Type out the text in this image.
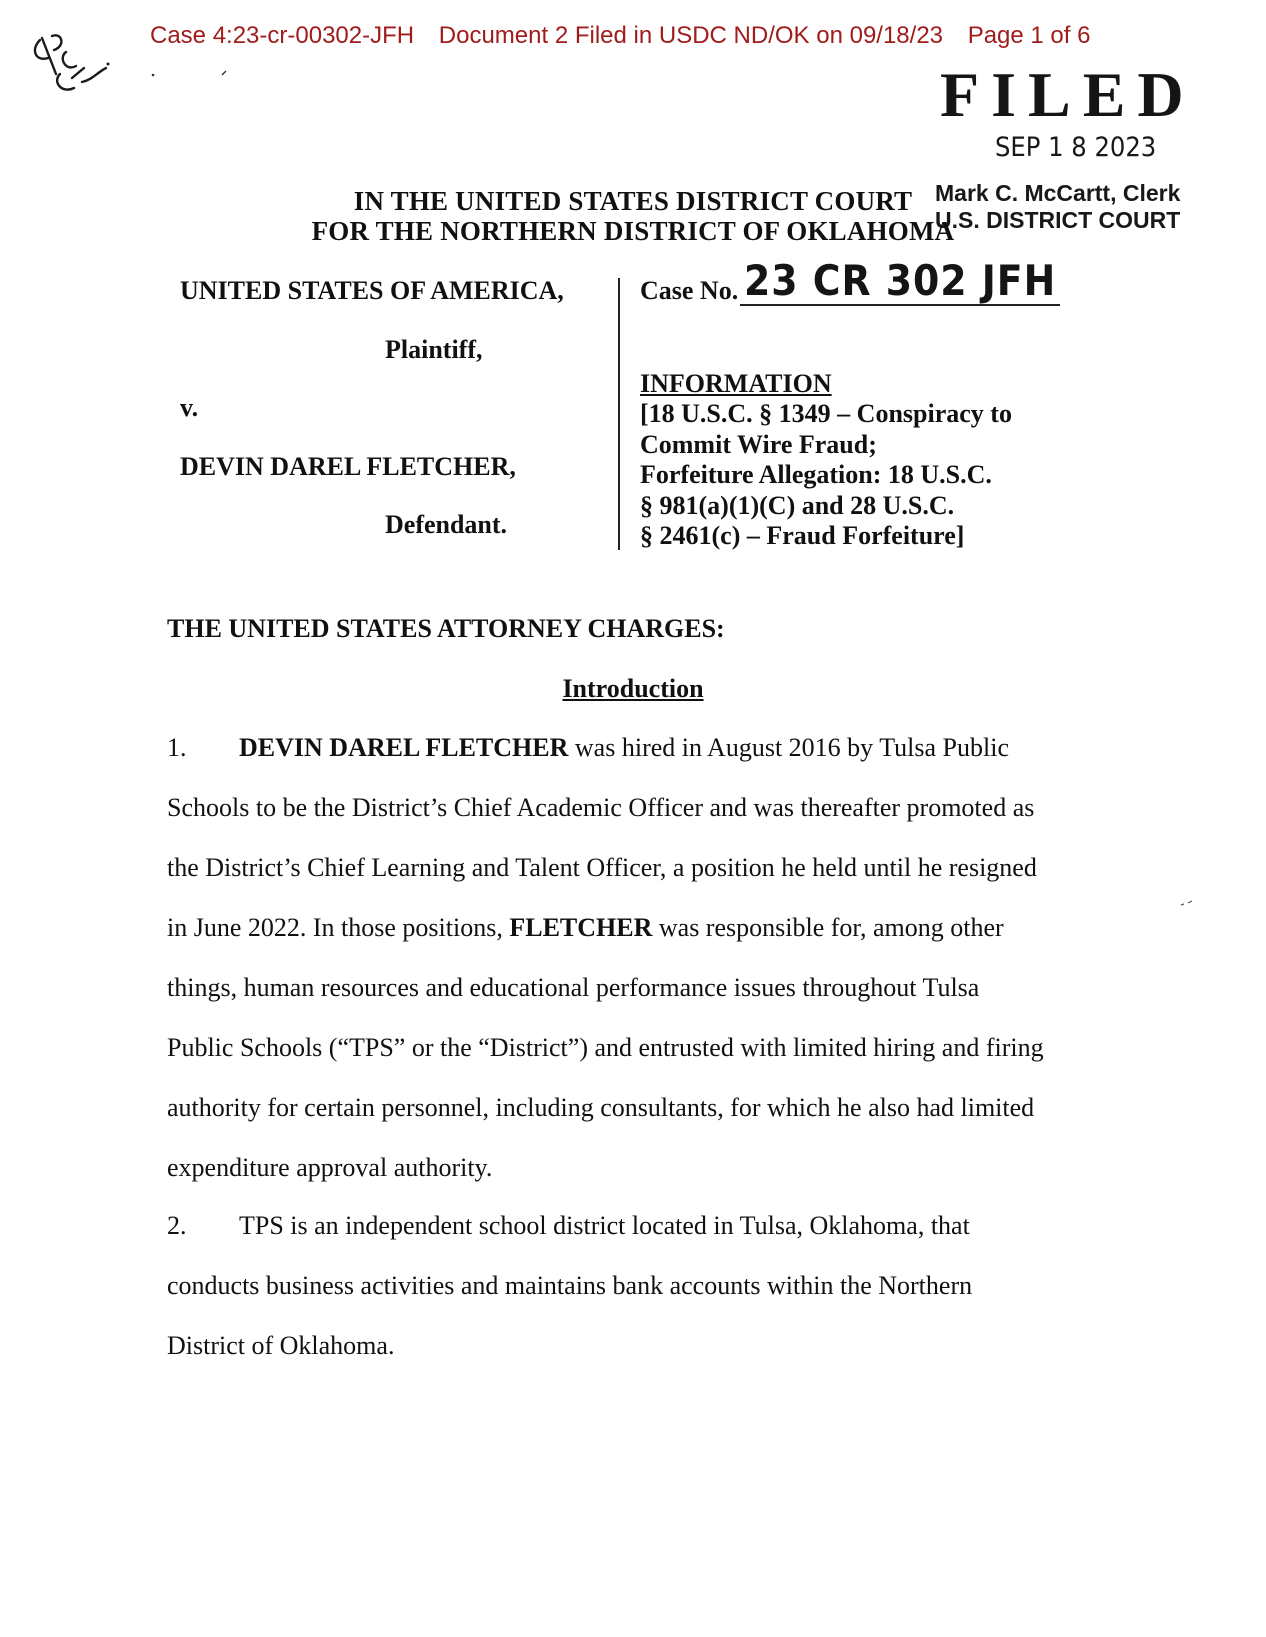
Case 4:23-cr-00302-JFH Document 2 Filed in USDC ND/OK on 09/18/23 Page 1 of 6
FILED
SEP 1 8 2023
Mark C. McCartt, Clerk
U.S. DISTRICT COURT
IN THE UNITED STATES DISTRICT COURT
FOR THE NORTHERN DISTRICT OF OKLAHOMA
UNITED STATES OF AMERICA,
Plaintiff,
v.
DEVIN DAREL FLETCHER,
Defendant.
Case No. 23 CR 302 JFH
INFORMATION
[18 U.S.C. § 1349 – Conspiracy to
Commit Wire Fraud;
Forfeiture Allegation: 18 U.S.C.
§ 981(a)(1)(C) and 28 U.S.C.
§ 2461(c) – Fraud Forfeiture]
THE UNITED STATES ATTORNEY CHARGES:
Introduction
1. DEVIN DAREL FLETCHER was hired in August 2016 by Tulsa Public
Schools to be the District’s Chief Academic Officer and was thereafter promoted as
the District’s Chief Learning and Talent Officer, a position he held until he resigned
in June 2022. In those positions, FLETCHER was responsible for, among other
things, human resources and educational performance issues throughout Tulsa
Public Schools (“TPS” or the “District”) and entrusted with limited hiring and firing
authority for certain personnel, including consultants, for which he also had limited
expenditure approval authority.
2. TPS is an independent school district located in Tulsa, Oklahoma, that
conducts business activities and maintains bank accounts within the Northern
District of Oklahoma.
